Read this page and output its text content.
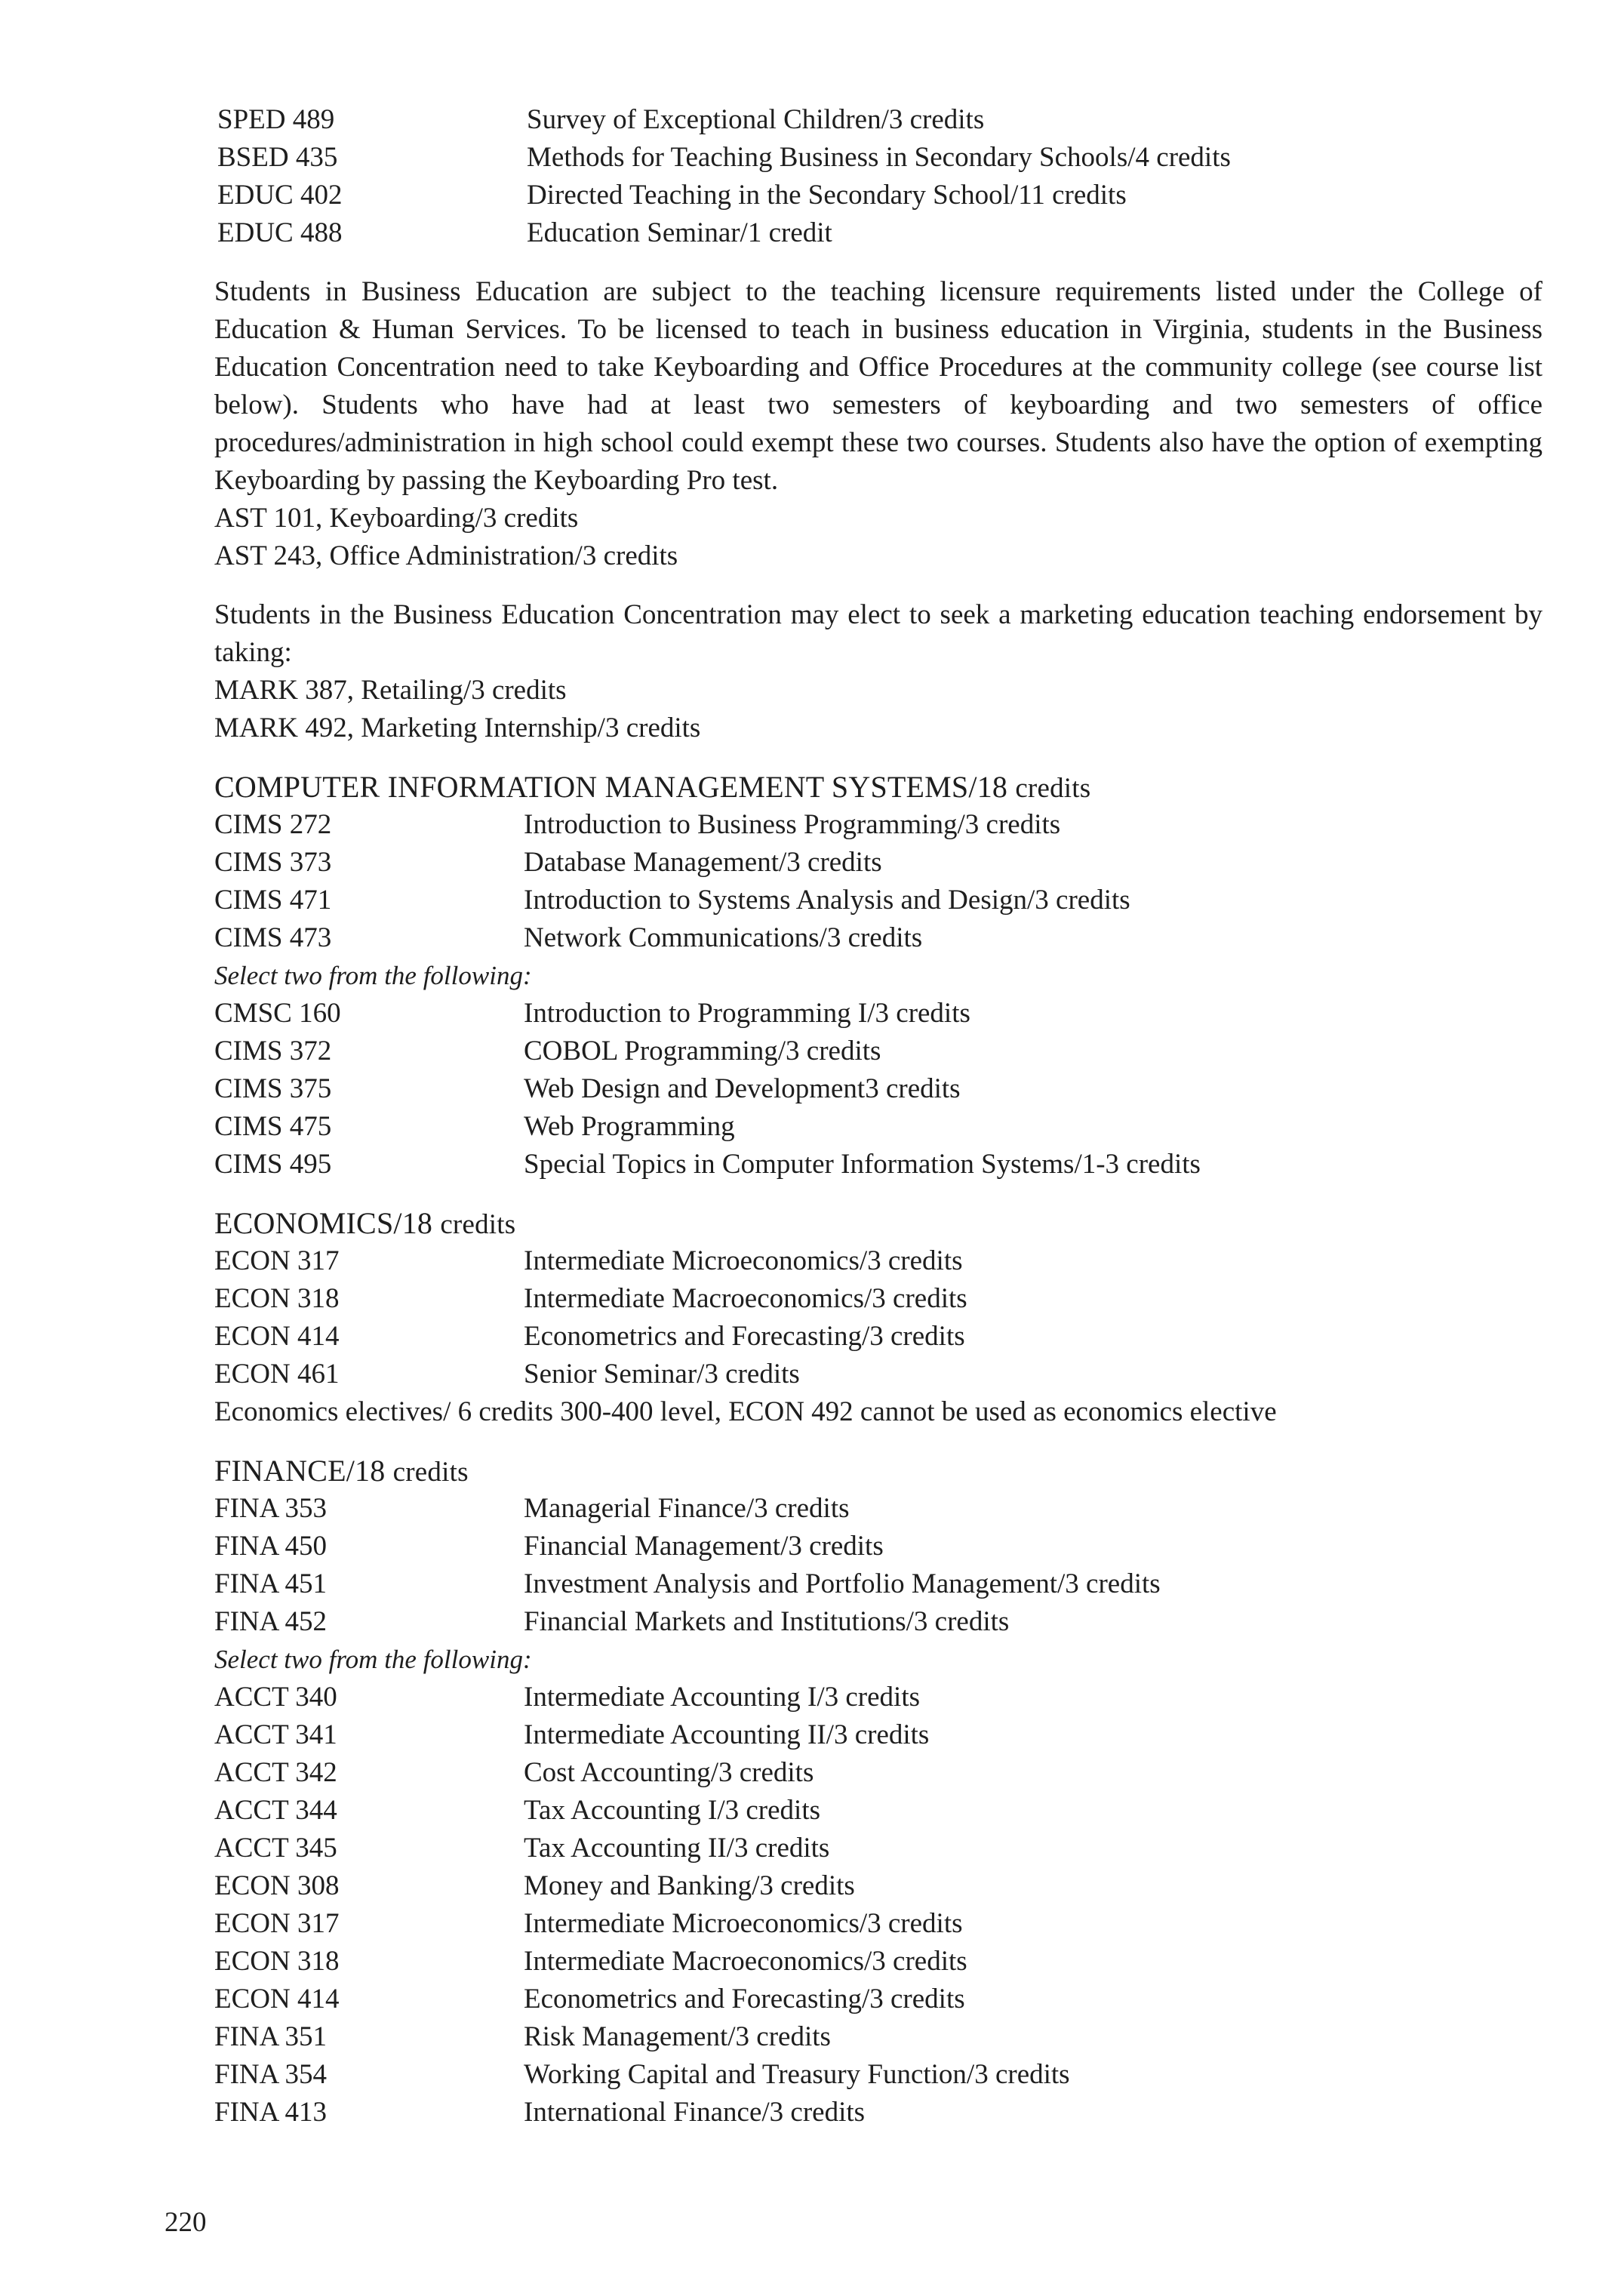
SPED 489	Survey of Exceptional Children/3 credits
BSED 435	Methods for Teaching Business in Secondary Schools/4 credits
EDUC 402	Directed Teaching in the Secondary School/11 credits
EDUC 488	Education Seminar/1 credit

Students in Business Education are subject to the teaching licensure requirements listed under the College of Education & Human Services. To be licensed to teach in business education in Virginia, students in the Business Education Concentration need to take Keyboarding and Office Procedures at the community college (see course list below). Students who have had at least two semesters of keyboarding and two semesters of office procedures/administration in high school could exempt these two courses. Students also have the option of exempting Keyboarding by passing the Keyboarding Pro test.

AST 101, Keyboarding/3 credits
AST 243, Office Administration/3 credits

Students in the Business Education Concentration may elect to seek a marketing education teaching endorsement by taking:

MARK 387, Retailing/3 credits
MARK 492, Marketing Internship/3 credits
COMPUTER INFORMATION MANAGEMENT SYSTEMS/18 credits
CIMS 272	Introduction to Business Programming/3 credits
CIMS 373	Database Management/3 credits
CIMS 471	Introduction to Systems Analysis and Design/3 credits
CIMS 473	Network Communications/3 credits
Select two from the following:
CMSC 160	Introduction to Programming I/3 credits
CIMS 372	COBOL Programming/3 credits
CIMS 375	Web Design and Development3 credits
CIMS 475	Web Programming
CIMS 495	Special Topics in Computer Information Systems/1-3 credits
ECONOMICS/18 credits
ECON 317	Intermediate Microeconomics/3 credits
ECON 318	Intermediate Macroeconomics/3 credits
ECON 414	Econometrics and Forecasting/3 credits
ECON 461	Senior Seminar/3 credits
Economics electives/ 6 credits 300-400 level, ECON 492 cannot be used as economics elective
FINANCE/18 credits
FINA 353	Managerial Finance/3 credits
FINA 450	Financial Management/3 credits
FINA 451	Investment Analysis and Portfolio Management/3 credits
FINA 452	Financial Markets and Institutions/3 credits
Select two from the following:
ACCT 340	Intermediate Accounting I/3 credits
ACCT 341	Intermediate Accounting II/3 credits
ACCT 342	Cost Accounting/3 credits
ACCT 344	Tax Accounting I/3 credits
ACCT 345	Tax Accounting II/3 credits
ECON 308	Money and Banking/3 credits
ECON 317	Intermediate Microeconomics/3 credits
ECON 318	Intermediate Macroeconomics/3 credits
ECON 414	Econometrics and Forecasting/3 credits
FINA 351	Risk Management/3 credits
FINA 354	Working Capital and Treasury Function/3 credits
FINA 413	International Finance/3 credits
220
